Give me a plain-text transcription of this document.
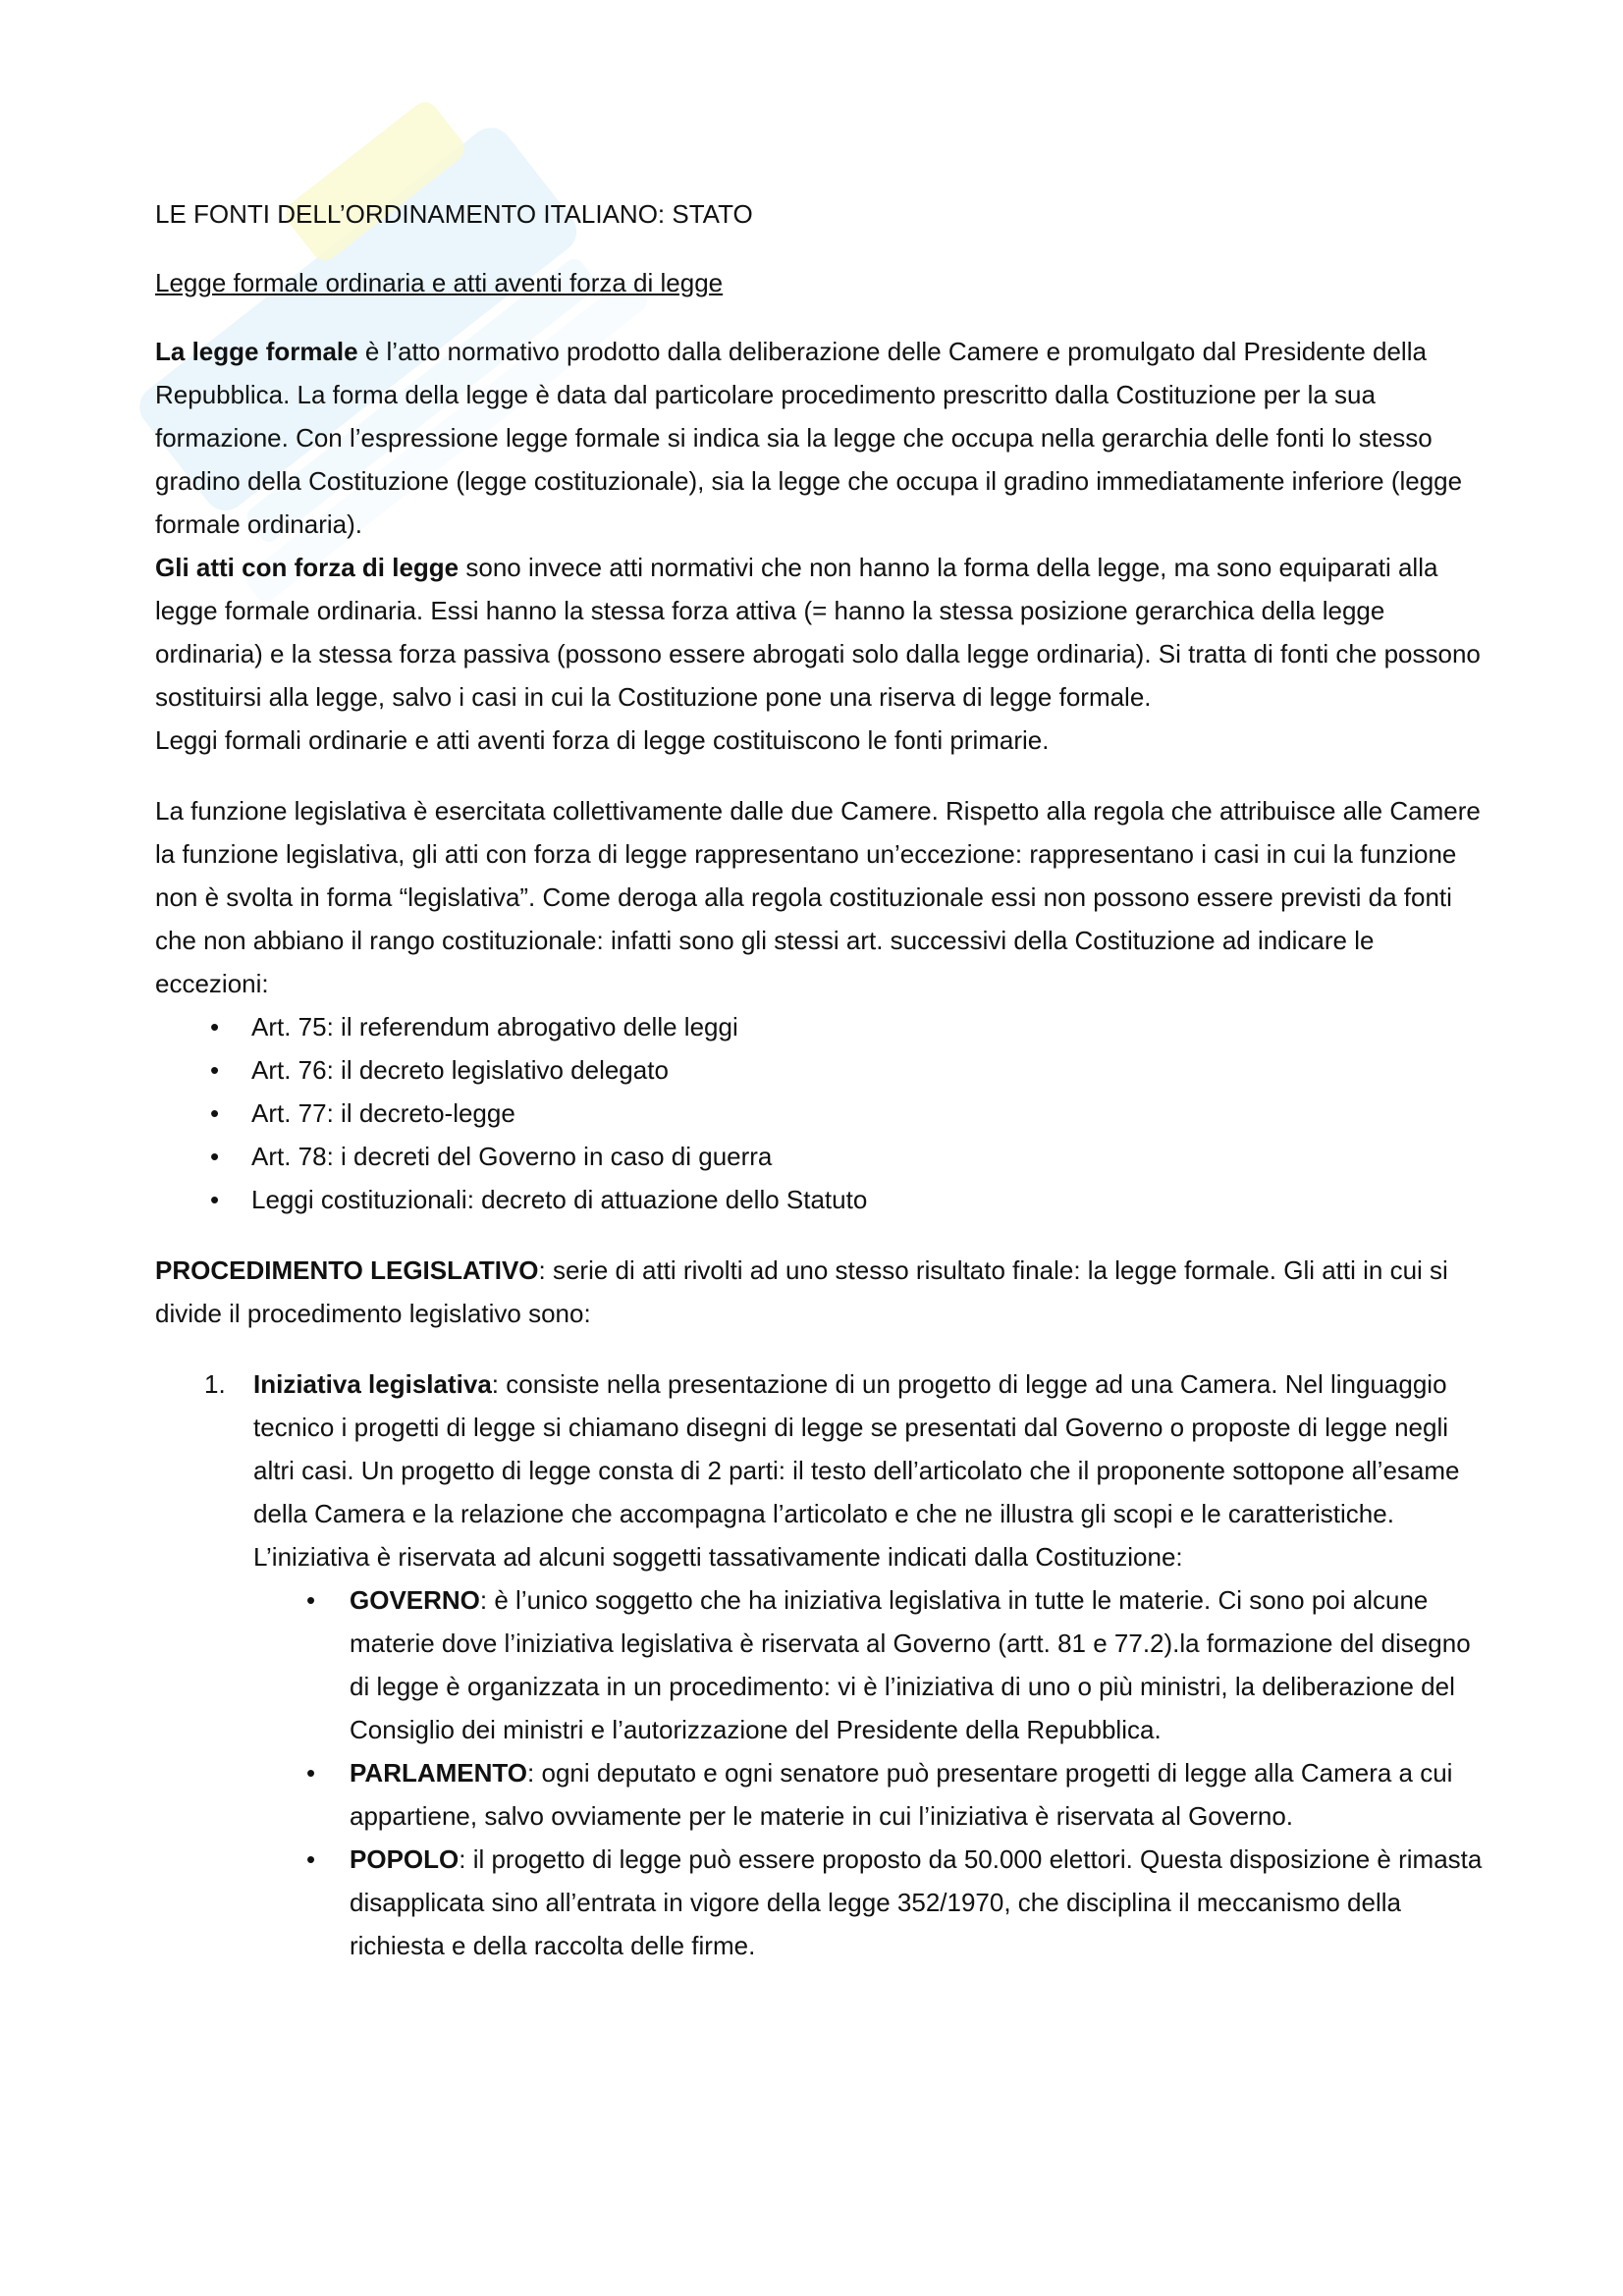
LE FONTI DELL’ORDINAMENTO ITALIANO: STATO

Legge formale ordinaria e atti aventi forza di legge

La legge formale è l’atto normativo prodotto dalla deliberazione delle Camere e promulgato dal Presidente della Repubblica. La forma della legge è data dal particolare procedimento prescritto dalla Costituzione per la sua formazione. Con l’espressione legge formale si indica sia la legge che occupa nella gerarchia delle fonti lo stesso gradino della Costituzione (legge costituzionale), sia la legge che occupa il gradino immediatamente inferiore (legge formale ordinaria).

Gli atti con forza di legge sono invece atti normativi che non hanno la forma della legge, ma sono equiparati alla legge formale ordinaria. Essi hanno la stessa forza attiva (= hanno la stessa posizione gerarchica della legge ordinaria) e la stessa forza passiva (possono essere abrogati solo dalla legge ordinaria). Si tratta di fonti che possono sostituirsi alla legge, salvo i casi in cui la Costituzione pone una riserva di legge formale.

Leggi formali ordinarie e atti aventi forza di legge costituiscono le fonti primarie.

La funzione legislativa è esercitata collettivamente dalle due Camere. Rispetto alla regola che attribuisce alle Camere la funzione legislativa, gli atti con forza di legge rappresentano un’eccezione: rappresentano i casi in cui la funzione non è svolta in forma “legislativa”. Come deroga alla regola costituzionale essi non possono essere previsti da fonti che non abbiano il rango costituzionale: infatti sono gli stessi art. successivi della Costituzione ad indicare le eccezioni:

• Art. 75: il referendum abrogativo delle leggi
• Art. 76: il decreto legislativo delegato
• Art. 77: il decreto-legge
• Art. 78: i decreti del Governo in caso di guerra
• Leggi costituzionali: decreto di attuazione dello Statuto

PROCEDIMENTO LEGISLATIVO: serie di atti rivolti ad uno stesso risultato finale: la legge formale. Gli atti in cui si divide il procedimento legislativo sono:

1. Iniziativa legislativa: consiste nella presentazione di un progetto di legge ad una Camera. Nel linguaggio tecnico i progetti di legge si chiamano disegni di legge se presentati dal Governo o proposte di legge negli altri casi. Un progetto di legge consta di 2 parti: il testo dell’articolato che il proponente sottopone all’esame della Camera e la relazione che accompagna l’articolato e che ne illustra gli scopi e le caratteristiche. L’iniziativa è riservata ad alcuni soggetti tassativamente indicati dalla Costituzione:
• GOVERNO: è l’unico soggetto che ha iniziativa legislativa in tutte le materie. Ci sono poi alcune materie dove l’iniziativa legislativa è riservata al Governo (artt. 81 e 77.2).la formazione del disegno di legge è organizzata in un procedimento: vi è l’iniziativa di uno o più ministri, la deliberazione del Consiglio dei ministri e l’autorizzazione del Presidente della Repubblica.
• PARLAMENTO: ogni deputato e ogni senatore può presentare progetti di legge alla Camera a cui appartiene, salvo ovviamente per le materie in cui l’iniziativa è riservata al Governo.
• POPOLO: il progetto di legge può essere proposto da 50.000 elettori. Questa disposizione è rimasta disapplicata sino all’entrata in vigore della legge 352/1970, che disciplina il meccanismo della richiesta e della raccolta delle firme.
